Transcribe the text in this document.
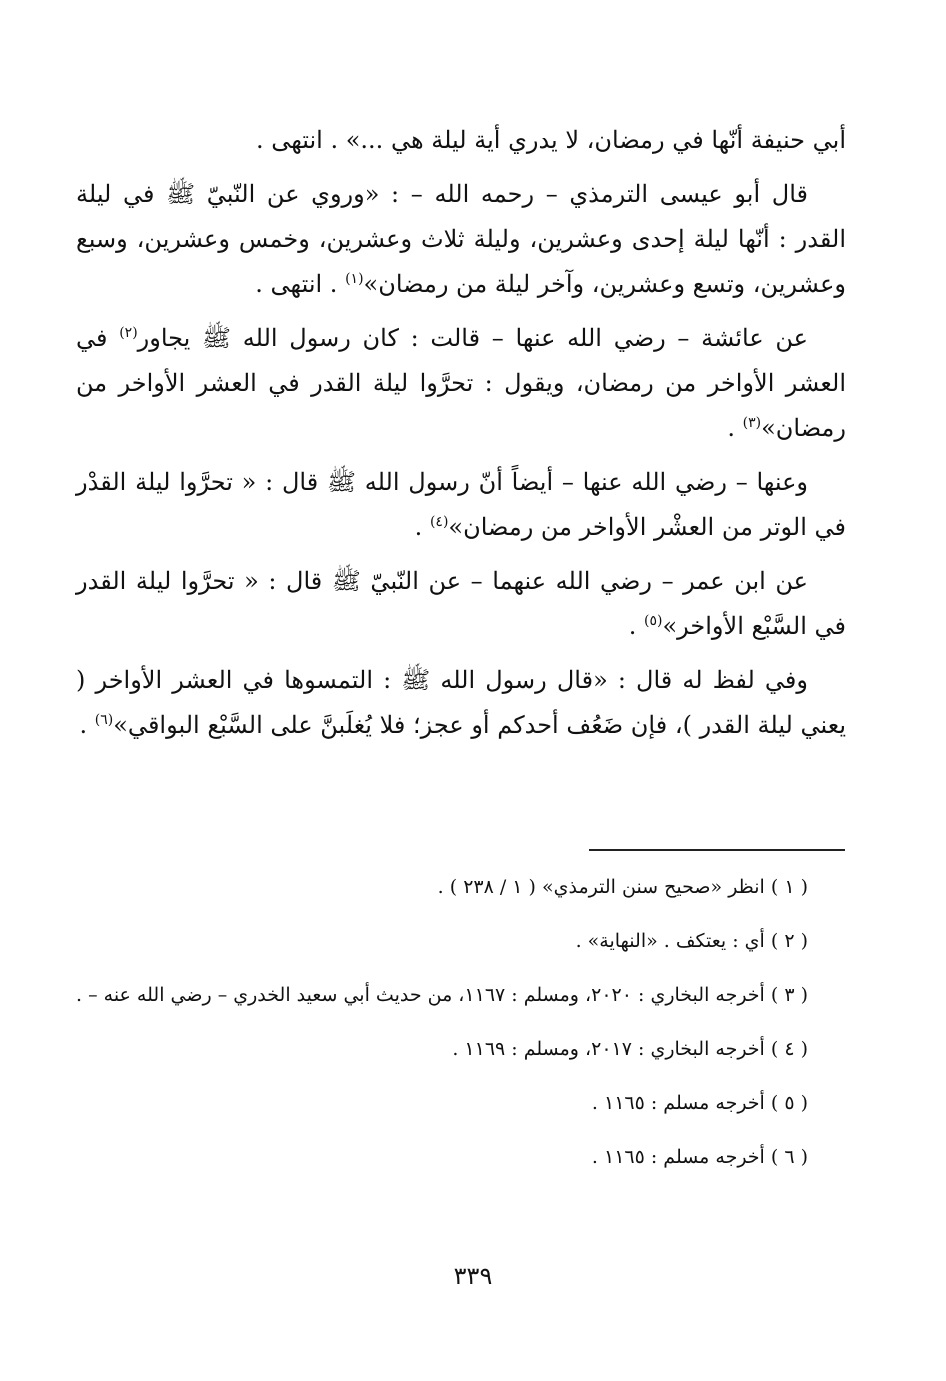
أبي حنيفة أنّها في رمضان، لا يدري أية ليلة هي ...» . انتهى .

قال أبو عيسى الترمذي – رحمه الله – : «وروي عن النّبيّ ﷺ في ليلة القدر : أنّها ليلة إحدى وعشرين، وليلة ثلاث وعشرين، وخمس وعشرين، وسبع وعشرين، وتسع وعشرين، وآخر ليلة من رمضان»$^{(١)}$ . انتهى .

عن عائشة – رضي الله عنها – قالت : كان رسول الله ﷺ يجاور$^{(٢)}$ في العشر الأواخر من رمضان، ويقول : تحرَّوا ليلة القدر في العشر الأواخر من رمضان»$^{(٣)}$ .

وعنها – رضي الله عنها – أيضاً أنّ رسول الله ﷺ قال : « تحرَّوا ليلة القدْر في الوتر من العشْر الأواخر من رمضان»$^{(٤)}$ .

عن ابن عمر – رضي الله عنهما – عن النّبيّ ﷺ قال : « تحرَّوا ليلة القدر في السَّبْع الأواخر»$^{(٥)}$ .

وفي لفظ له قال : «قال رسول الله ﷺ : التمسوها في العشر الأواخر ( يعني ليلة القدر )، فإن ضَعُف أحدكم أو عجز؛ فلا يُغلَبنَّ على السَّبْع البواقي»$^{(٦)}$ .

( ١ ) انظر «صحيح سنن الترمذي» ( ١ / ٢٣٨ ) .

( ٢ ) أي : يعتكف . «النهاية» .

( ٣ ) أخرجه البخاري : ٢٠٢٠، ومسلم : ١١٦٧، من حديث أبي سعيد الخدري – رضي الله عنه – .

( ٤ ) أخرجه البخاري : ٢٠١٧، ومسلم : ١١٦٩ .

( ٥ ) أخرجه مسلم : ١١٦٥ .

( ٦ ) أخرجه مسلم : ١١٦٥ .

٣٣٩
